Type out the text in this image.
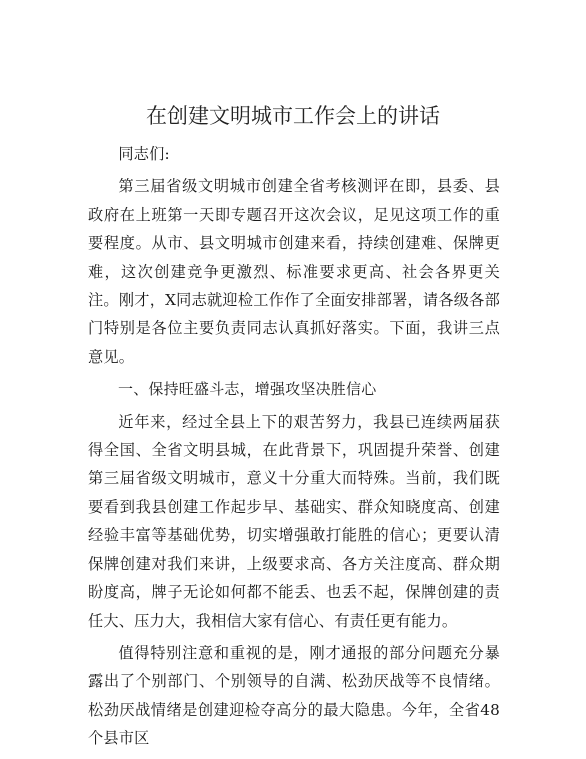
在创建文明城市工作会上的讲话

同志们:

第三届省级文明城市创建全省考核测评在即，县委、县政府在上班第一天即专题召开这次会议，足见这项工作的重要程度。从市、县文明城市创建来看，持续创建难、保牌更难，这次创建竞争更激烈、标准要求更高、社会各界更关注。刚才，X同志就迎检工作作了全面安排部署，请各级各部门特别是各位主要负责同志认真抓好落实。下面，我讲三点意见。

一、保持旺盛斗志，增强攻坚决胜信心

近年来，经过全县上下的艰苦努力，我县已连续两届获得全国、全省文明县城，在此背景下，巩固提升荣誉、创建第三届省级文明城市，意义十分重大而特殊。当前，我们既要看到我县创建工作起步早、基础实、群众知晓度高、创建经验丰富等基础优势，切实增强敢打能胜的信心；更要认清保牌创建对我们来讲，上级要求高、各方关注度高、群众期盼度高，牌子无论如何都不能丢、也丢不起，保牌创建的责任大、压力大，我相信大家有信心、有责任更有能力。

值得特别注意和重视的是，刚才通报的部分问题充分暴露出了个别部门、个别领导的自满、松劲厌战等不良情绪。松劲厌战情绪是创建迎检夺高分的最大隐患。今年，全省48个县市区
